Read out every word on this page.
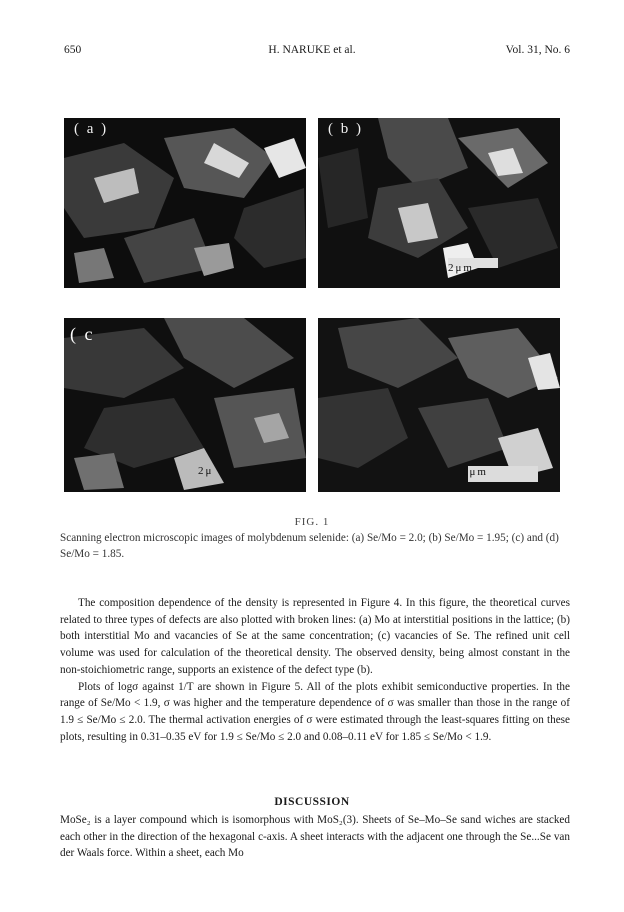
650	H. NARUKE et al.	Vol. 31, No. 6
( a )	( b )
2μm
( c
2μ	1μm
FIG. 1
Scanning electron microscopic images of molybdenum selenide: (a) Se/Mo = 2.0; (b) Se/Mo = 1.95; (c) and (d) Se/Mo = 1.85.

The composition dependence of the density is represented in Figure 4. In this figure, the theoretical curves related to three types of defects are also plotted with broken lines: (a) Mo at interstitial positions in the lattice; (b) both interstitial Mo and vacancies of Se at the same concentration; (c) vacancies of Se. The refined unit cell volume was used for calculation of the theoretical density. The observed density, being almost constant in the non-stoichiometric range, supports an existence of the defect type (b).

Plots of logσ against 1/T are shown in Figure 5. All of the plots exhibit semiconductive properties. In the range of Se/Mo < 1.9, σ was higher and the temperature dependence of σ was smaller than those in the range of 1.9 ≤ Se/Mo ≤ 2.0. The thermal activation energies of σ were estimated through the least-squares fitting on these plots, resulting in 0.31–0.35 eV for 1.9 ≤ Se/Mo ≤ 2.0 and 0.08–0.11 eV for 1.85 ≤ Se/Mo < 1.9.

DISCUSSION

MoSe₂ is a layer compound which is isomorphous with MoS₂(3). Sheets of Se–Mo–Se sand wiches are stacked each other in the direction of the hexagonal c-axis. A sheet interacts with the adjacent one through the Se...Se van der Waals force. Within a sheet, each Mo
